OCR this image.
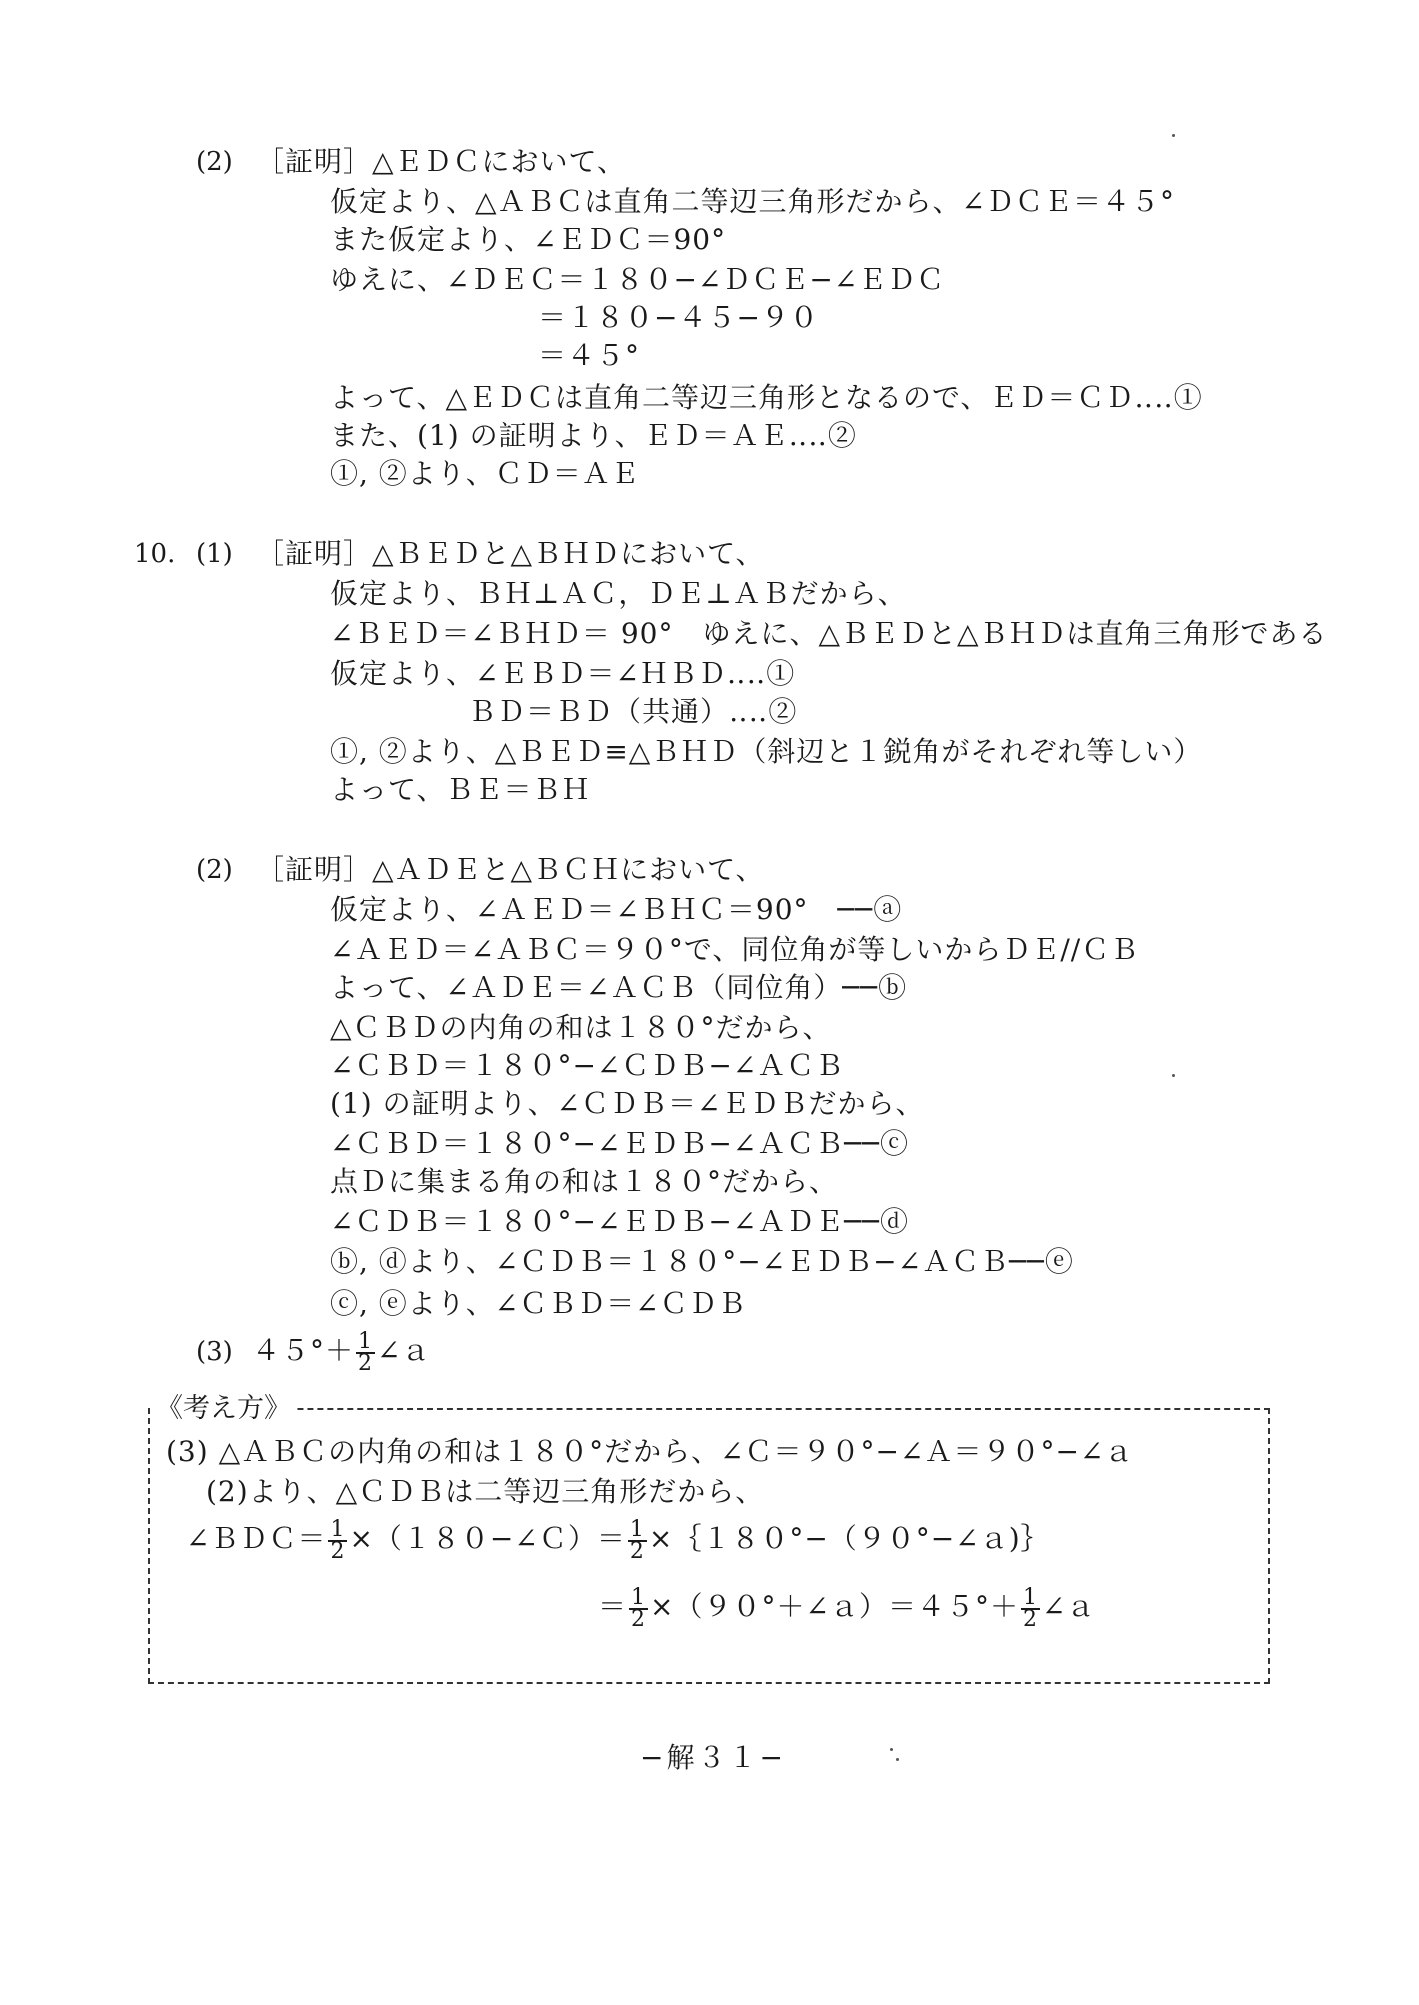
(2) ［証明］△ＥＤＣにおいて、
仮定より、△ＡＢＣは直角二等辺三角形だから、∠ＤＣＥ＝４５°
また仮定より、∠ＥＤＣ＝90°
ゆえに、∠ＤＥＣ＝１８０−∠ＤＣＥ−∠ＥＤＣ
＝１８０−４５−９０
＝４５°
よって、△ＥＤＣは直角二等辺三角形となるので、ＥＤ＝ＣＤ‥‥①
また、(1) の証明より、ＥＤ＝ＡＥ‥‥②
①, ②より、ＣＤ＝ＡＥ
10. (1) ［証明］△ＢＥＤと△ＢＨＤにおいて、
仮定より、ＢＨ⊥ＡＣ，ＤＥ⊥ＡＢだから、
∠ＢＥＤ＝∠ＢＨＤ＝ 90°　ゆえに、△ＢＥＤと△ＢＨＤは直角三角形である
仮定より、∠ＥＢＤ＝∠ＨＢＤ‥‥①
ＢＤ＝ＢＤ（共通）‥‥②
①, ②より、△ＢＥＤ≡△ＢＨＤ（斜辺と１鋭角がそれぞれ等しい）
よって、ＢＥ＝ＢＨ
(2) ［証明］△ＡＤＥと△ＢＣＨにおいて、
仮定より、∠ＡＥＤ＝∠ＢＨＣ＝90°　──ⓐ
∠ＡＥＤ＝∠ＡＢＣ＝９０°で、同位角が等しいからＤＥ//ＣＢ
よって、∠ＡＤＥ＝∠ＡＣＢ（同位角）──ⓑ
△ＣＢＤの内角の和は１８０°だから、
∠ＣＢＤ＝１８０°−∠ＣＤＢ−∠ＡＣＢ
(1) の証明より、∠ＣＤＢ＝∠ＥＤＢだから、
∠ＣＢＤ＝１８０°−∠ＥＤＢ−∠ＡＣＢ──ⓒ
点Ｄに集まる角の和は１８０°だから、
∠ＣＤＢ＝１８０°−∠ＥＤＢ−∠ＡＤＥ──ⓓ
ⓑ, ⓓより、∠ＣＤＢ＝１８０°−∠ＥＤＢ−∠ＡＣＢ──ⓔ
ⓒ, ⓔより、∠ＣＢＤ＝∠ＣＤＢ
(3) $45^\circ+ \frac{1}{2}$ ∠ａ
《考え方》
(3) △ＡＢＣの内角の和は１８０°だから、∠Ｃ＝９０°−∠Ａ＝９０°−∠ａ
(2)より、△ＣＤＢは二等辺三角形だから、
∠ＢＤＣ＝ $\frac{1}{2}$ ×（１８０−∠Ｃ）＝ $\frac{1}{2}$ ×｛１８０°−（９０°−∠ａ)｝
＝ $\frac{1}{2}$ ×（９０°＋∠ａ）＝４５°＋ $\frac{1}{2}$ ∠ａ
−解３１−
